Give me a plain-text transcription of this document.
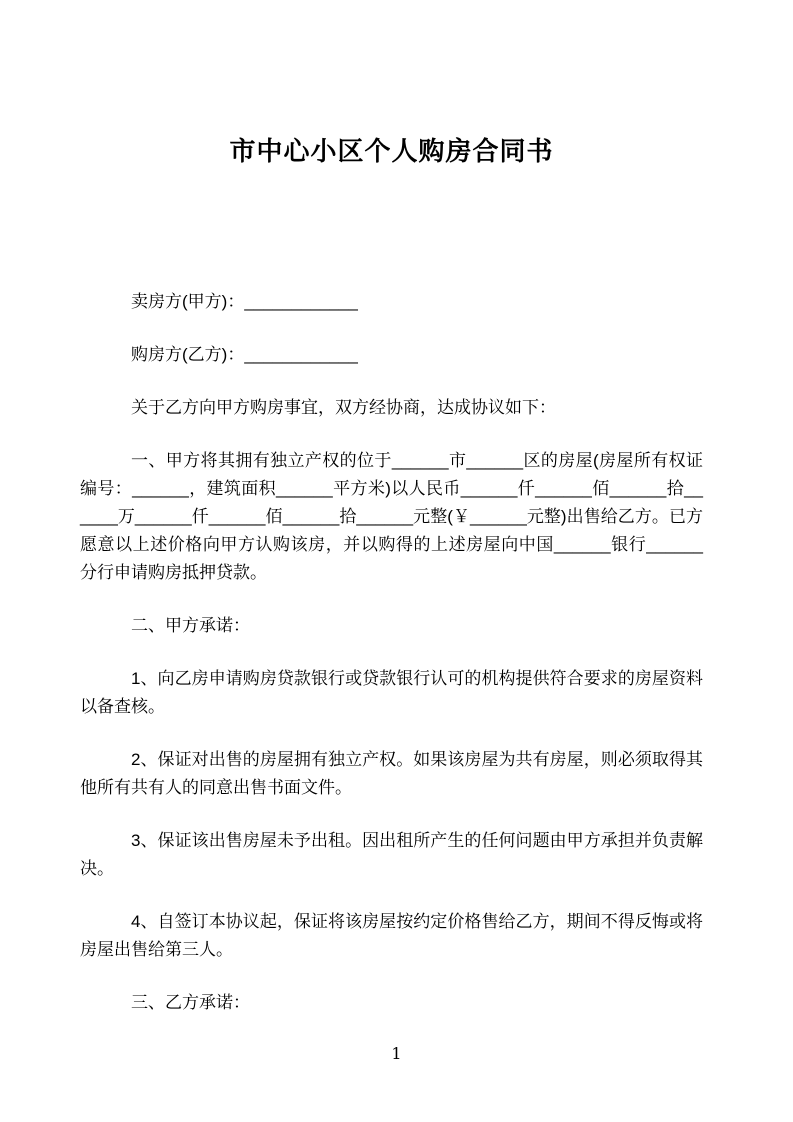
市中心小区个人购房合同书

卖房方(甲方)：____________

购房方(乙方)：____________

关于乙方向甲方购房事宜，双方经协商，达成协议如下：

一、甲方将其拥有独立产权的位于______市______区的房屋(房屋所有权证编号：______，建筑面积______平方米)以人民币______仟______佰______拾______万______仟______佰______拾______元整(￥______元整)出售给乙方。已方愿意以上述价格向甲方认购该房，并以购得的上述房屋向中国______银行______分行申请购房抵押贷款。

二、甲方承诺：

1、向乙房申请购房贷款银行或贷款银行认可的机构提供符合要求的房屋资料以备查核。

2、保证对出售的房屋拥有独立产权。如果该房屋为共有房屋，则必须取得其他所有共有人的同意出售书面文件。

3、保证该出售房屋未予出租。因出租所产生的任何问题由甲方承担并负责解决。

4、自签订本协议起，保证将该房屋按约定价格售给乙方，期间不得反悔或将房屋出售给第三人。

三、乙方承诺：

1
